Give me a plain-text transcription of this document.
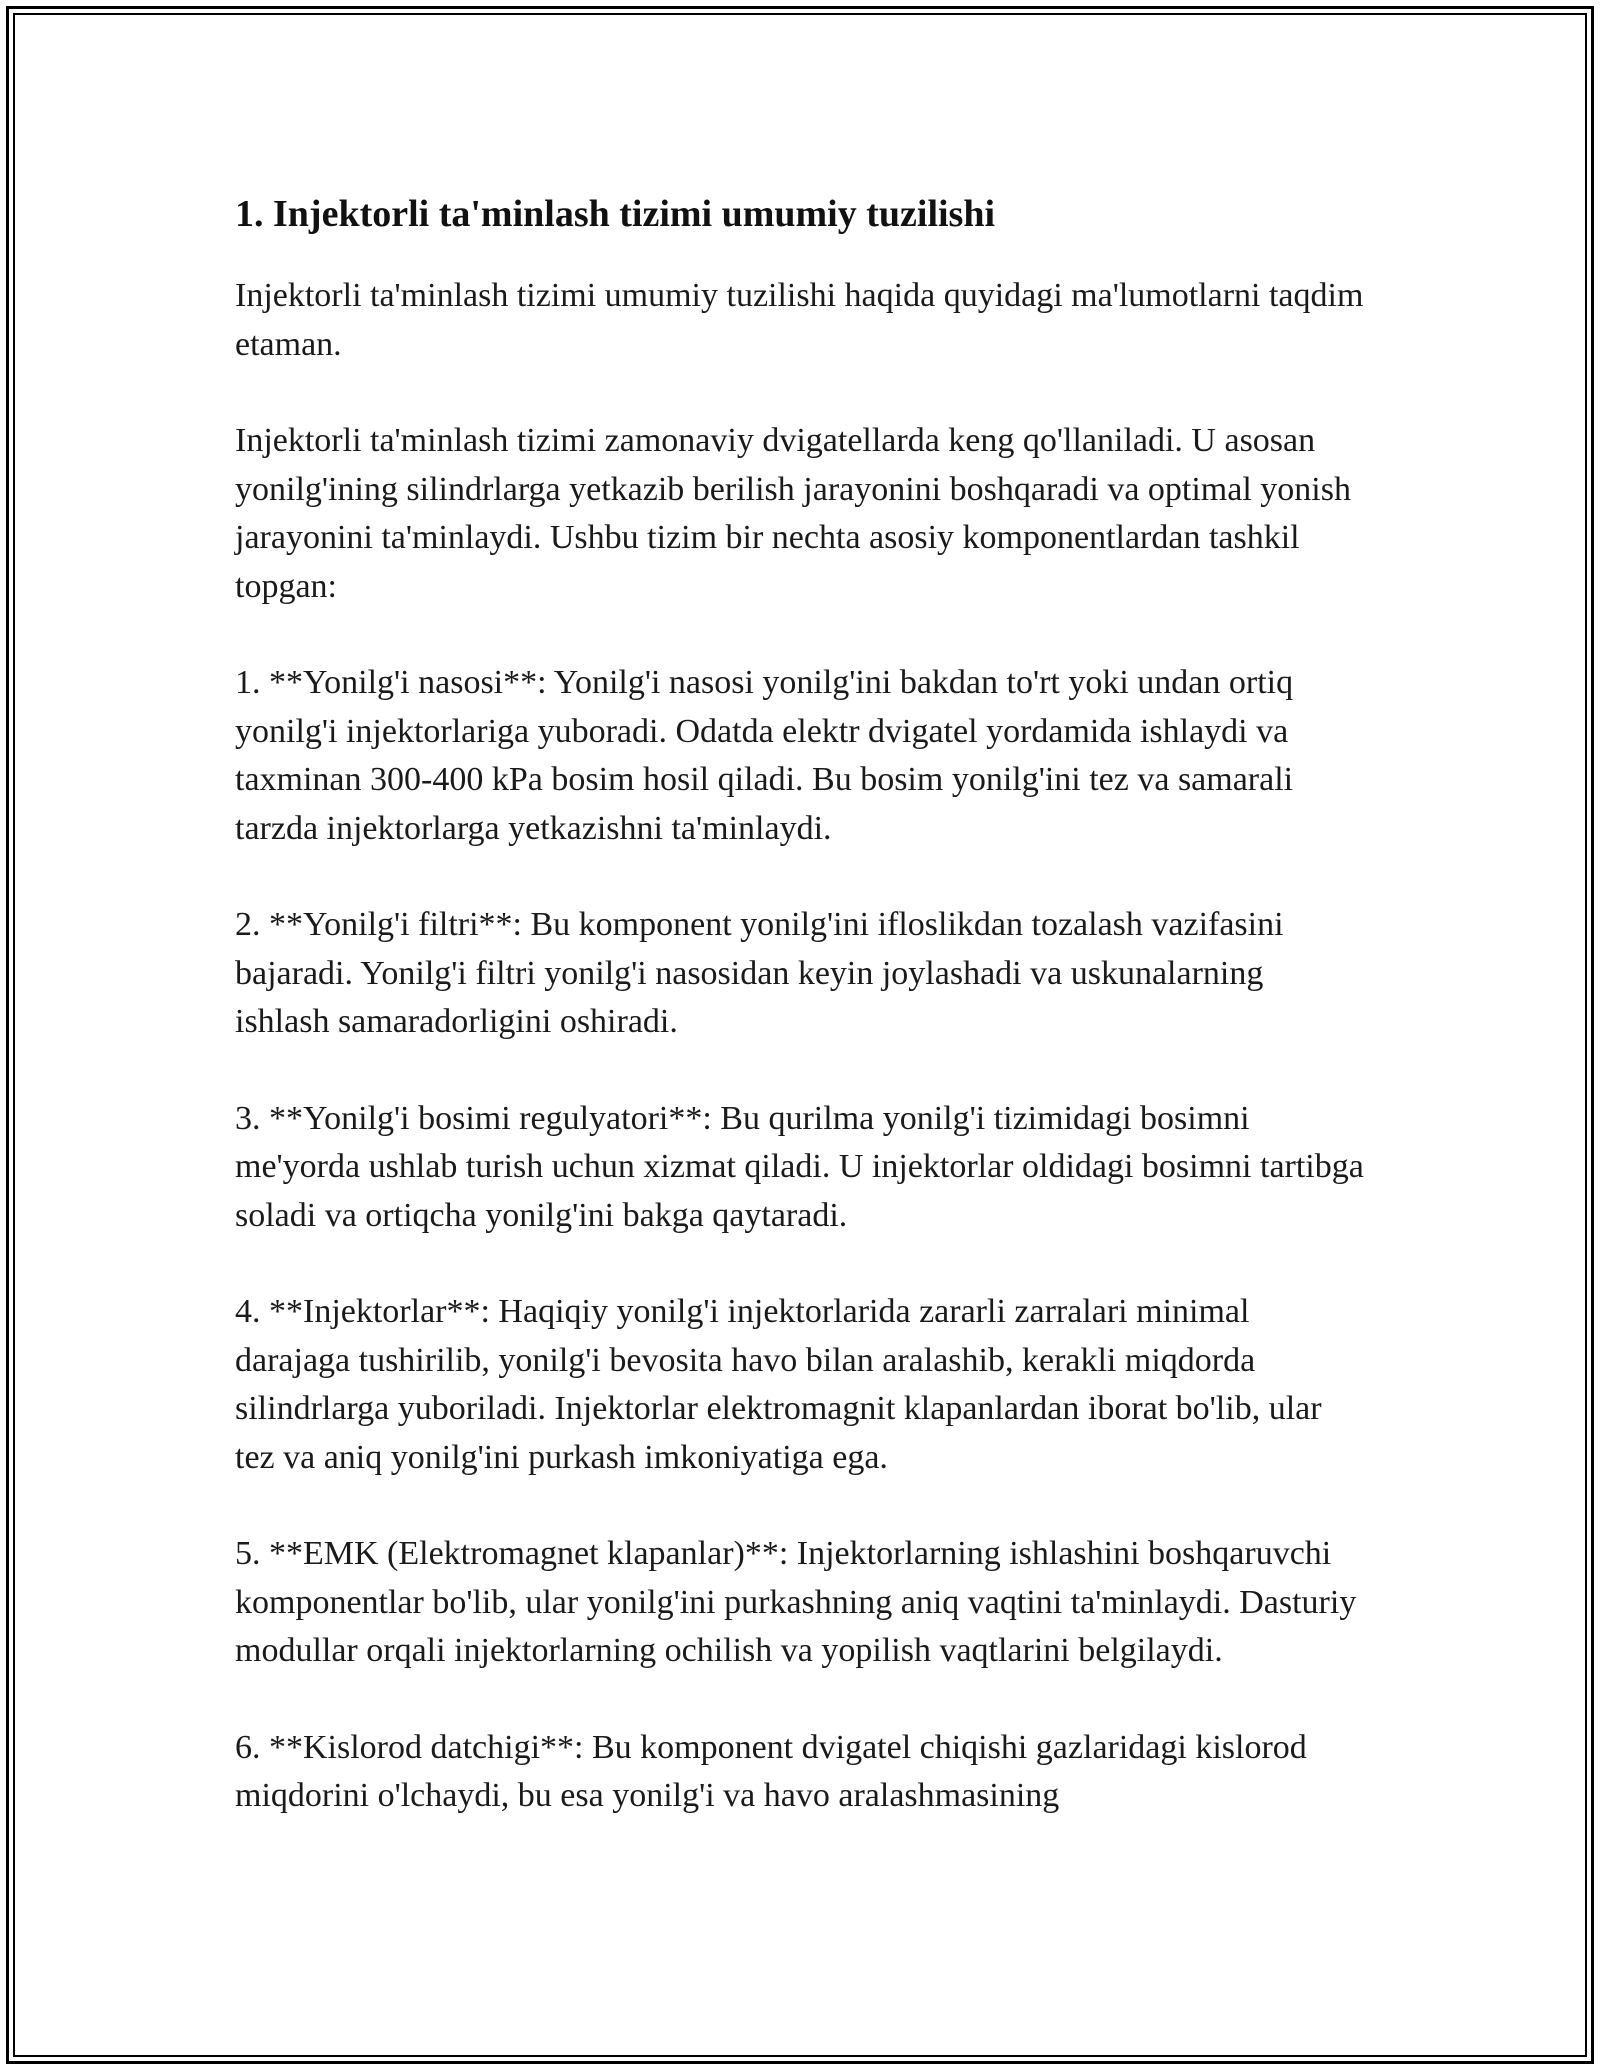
1. Injektorli ta'minlash tizimi umumiy tuzilishi

Injektorli ta'minlash tizimi umumiy tuzilishi haqida quyidagi ma'lumotlarni taqdim etaman.

Injektorli ta'minlash tizimi zamonaviy dvigatellarda keng qo'llaniladi. U asosan yonilg'ining silindrlarga yetkazib berilish jarayonini boshqaradi va optimal yonish jarayonini ta'minlaydi. Ushbu tizim bir nechta asosiy komponentlardan tashkil topgan:

1. **Yonilg'i nasosi**: Yonilg'i nasosi yonilg'ini bakdan to'rt yoki undan ortiq yonilg'i injektorlariga yuboradi. Odatda elektr dvigatel yordamida ishlaydi va taxminan 300-400 kPa bosim hosil qiladi. Bu bosim yonilg'ini tez va samarali tarzda injektorlarga yetkazishni ta'minlaydi.

2. **Yonilg'i filtri**: Bu komponent yonilg'ini ifloslikdan tozalash vazifasini bajaradi. Yonilg'i filtri yonilg'i nasosidan keyin joylashadi va uskunalarning ishlash samaradorligini oshiradi.

3. **Yonilg'i bosimi regulyatori**: Bu qurilma yonilg'i tizimidagi bosimni me'yorda ushlab turish uchun xizmat qiladi. U injektorlar oldidagi bosimni tartibga soladi va ortiqcha yonilg'ini bakga qaytaradi.

4. **Injektorlar**: Haqiqiy yonilg'i injektorlarida zararli zarralari minimal darajaga tushirilib, yonilg'i bevosita havo bilan aralashib, kerakli miqdorda silindrlarga yuboriladi. Injektorlar elektromagnit klapanlardan iborat bo'lib, ular tez va aniq yonilg'ini purkash imkoniyatiga ega.

5. **EMK (Elektromagnet klapanlar)**: Injektorlarning ishlashini boshqaruvchi komponentlar bo'lib, ular yonilg'ini purkashning aniq vaqtini ta'minlaydi. Dasturiy modullar orqali injektorlarning ochilish va yopilish vaqtlarini belgilaydi.

6. **Kislorod datchigi**: Bu komponent dvigatel chiqishi gazlaridagi kislorod miqdorini o'lchaydi, bu esa yonilg'i va havo aralashmasining
